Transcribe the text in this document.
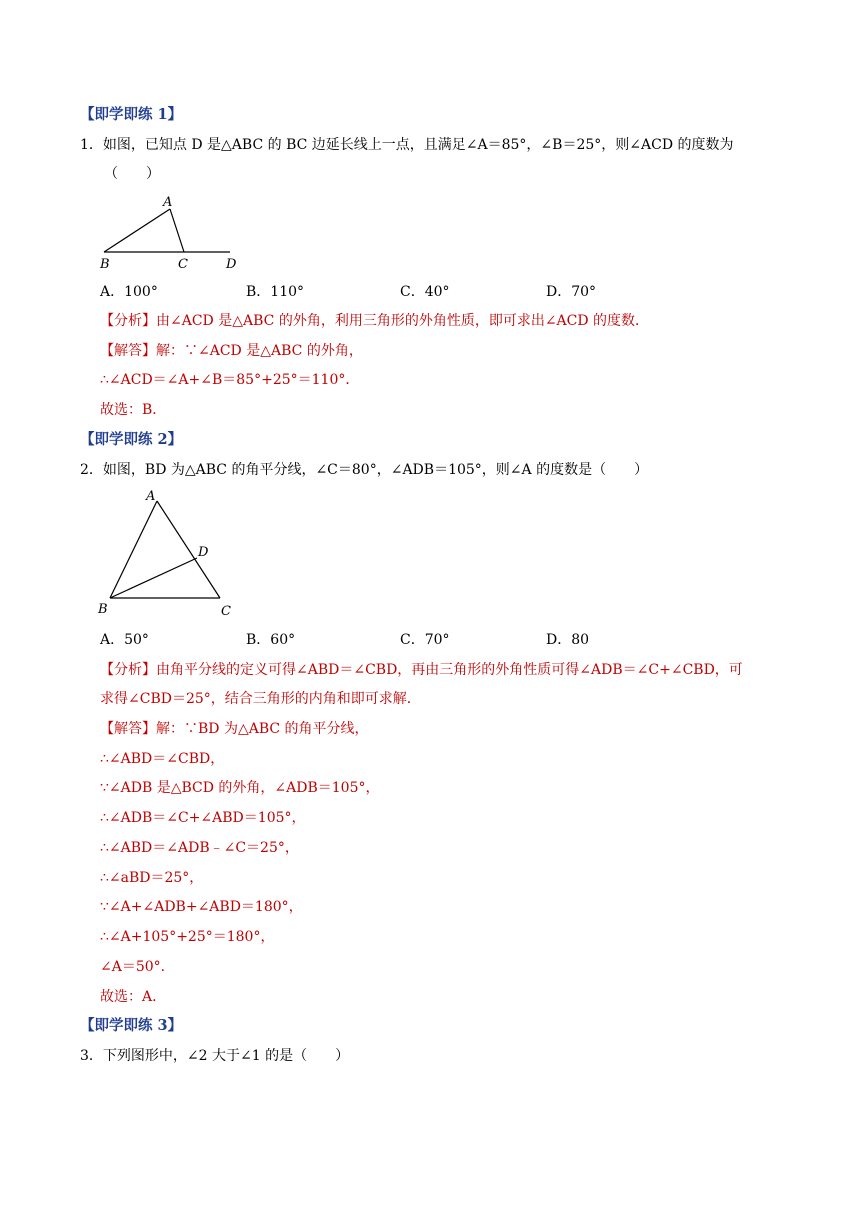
【即学即练 1】
1．如图，已知点 D 是△ABC 的 BC 边延长线上一点，且满足∠A＝85°，∠B＝25°，则∠ACD 的度数为
（　　）
A
B	C	D
A．100°	B．110°	C．40°	D．70°
【分析】由∠ACD 是△ABC 的外角，利用三角形的外角性质，即可求出∠ACD 的度数．
【解答】解：∵∠ACD 是△ABC 的外角，
∴∠ACD＝∠A+∠B＝85°+25°＝110°．
故选：B．
【即学即练 2】
2．如图，BD 为△ABC 的角平分线，∠C＝80°，∠ADB＝105°，则∠A 的度数是（　　）
A
D
B	C
A．50°	B．60°	C．70°	D．80
【分析】由角平分线的定义可得∠ABD＝∠CBD，再由三角形的外角性质可得∠ADB＝∠C+∠CBD，可
求得∠CBD＝25°，结合三角形的内角和即可求解．
【解答】解：∵BD 为△ABC 的角平分线，
∴∠ABD＝∠CBD，
∵∠ADB 是△BCD 的外角，∠ADB＝105°，
∴∠ADB＝∠C+∠ABD＝105°，
∴∠ABD＝∠ADB﹣∠C＝25°，
∴∠aBD＝25°，
∵∠A+∠ADB+∠ABD＝180°，
∴∠A+105°+25°＝180°，
∠A＝50°．
故选：A．
【即学即练 3】
3．下列图形中，∠2 大于∠1 的是（　　）
